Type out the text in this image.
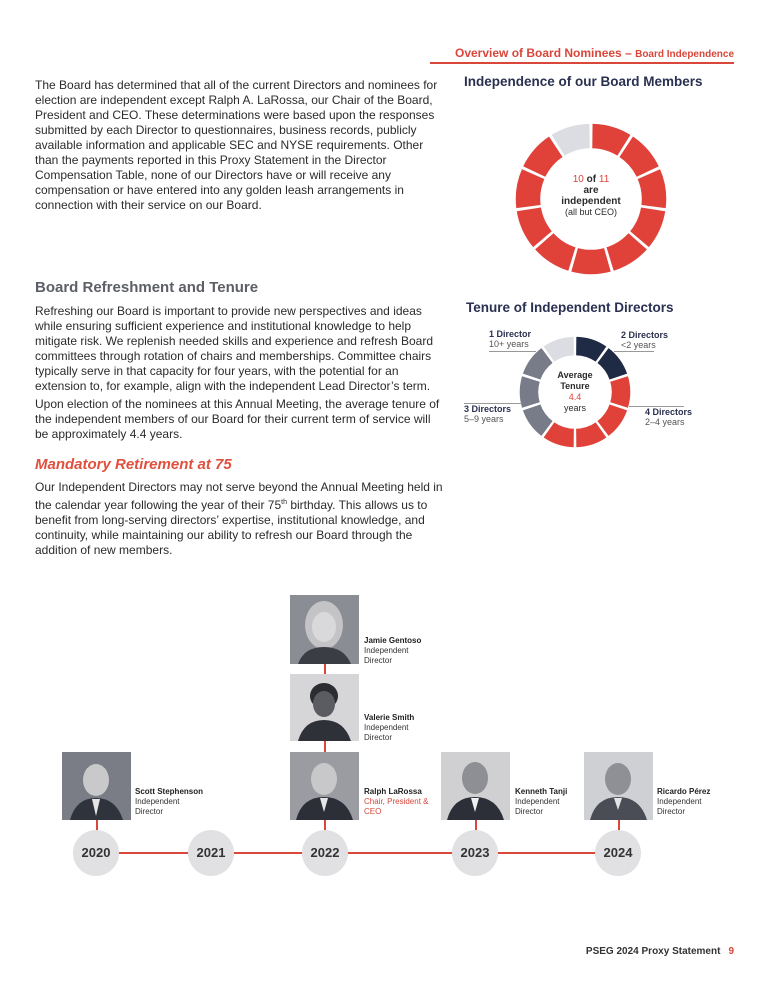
Overview of Board Nominees – Board Independence
The Board has determined that all of the current Directors and nominees for election are independent except Ralph A. LaRossa, our Chair of the Board, President and CEO. These determinations were based upon the responses submitted by each Director to questionnaires, business records, publicly available information and applicable SEC and NYSE requirements. Other than the payments reported in this Proxy Statement in the Director Compensation Table, none of our Directors have or will receive any compensation or have entered into any golden leash arrangements in connection with their service on our Board.
Independence of our Board Members
10 of 11
are
independent
(all but CEO)
Board Refreshment and Tenure
Refreshing our Board is important to provide new perspectives and ideas while ensuring sufficient experience and institutional knowledge to help mitigate risk. We replenish needed skills and experience and refresh Board committees through rotation of chairs and memberships. Committee chairs typically serve in that capacity for four years, with the potential for an extension to, for example, align with the independent Lead Director’s term.
Upon election of the nominees at this Annual Meeting, the average tenure of the independent members of our Board for their current term of service will be approximately 4.4 years.
Tenure of Independent Directors
Average
Tenure
4.4
years
1 Director
10+ years
2 Directors
<2 years
4 Directors
2–4 years
3 Directors
5–9 years
Mandatory Retirement at 75
Our Independent Directors may not serve beyond the Annual Meeting held in the calendar year following the year of their 75th birthday. This allows us to benefit from long-serving directors’ expertise, institutional knowledge, and continuity, while maintaining our ability to refresh our Board through the addition of new members.
2020	2021	2022	2023	2024
Scott Stephenson
Independent Director
Jamie Gentoso
Independent Director
Valerie Smith
Independent Director
Ralph LaRossa
Chair, President & CEO
Kenneth Tanji
Independent Director
Ricardo Pérez
Independent Director
PSEG 2024 Proxy Statement 9
